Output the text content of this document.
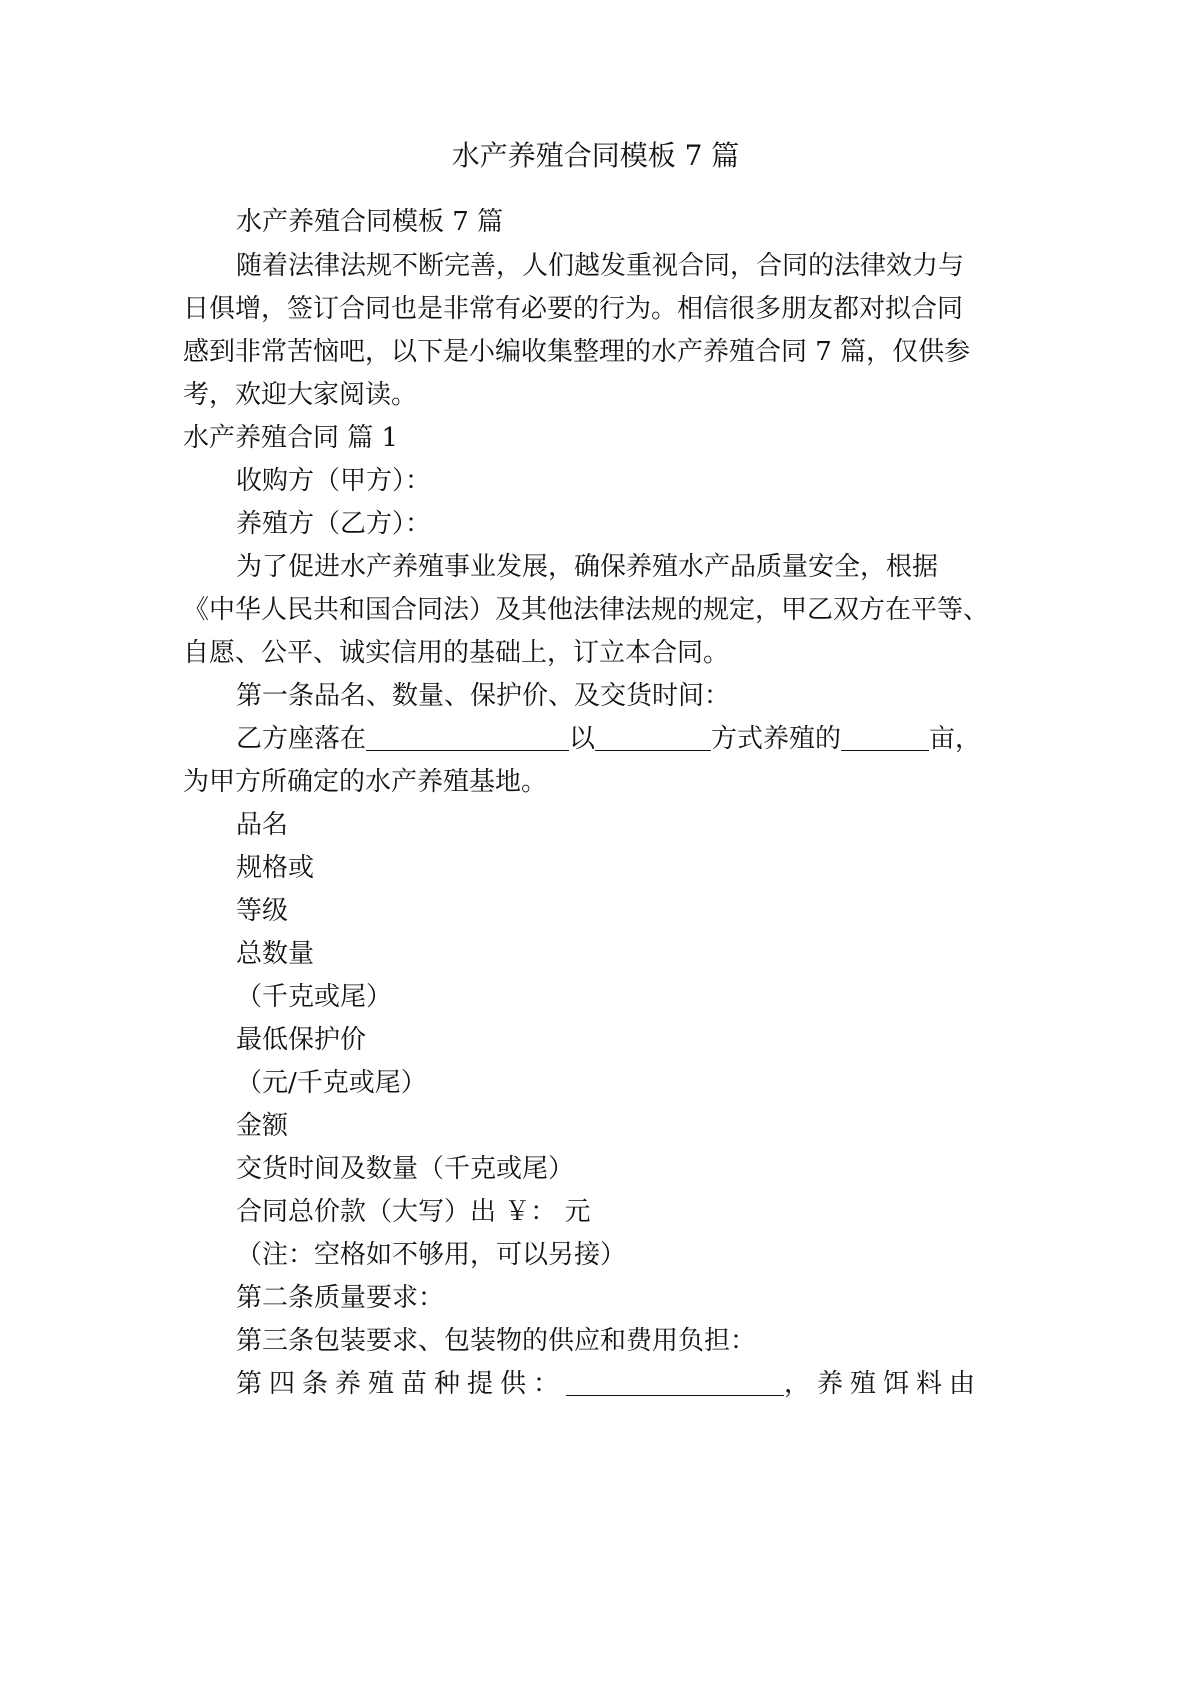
水产养殖合同模板 7 篇
水产养殖合同模板 7 篇
随着法律法规不断完善，人们越发重视合同，合同的法律效力与
日俱增，签订合同也是非常有必要的行为。相信很多朋友都对拟合同
感到非常苦恼吧，以下是小编收集整理的水产养殖合同 7 篇，仅供参
考，欢迎大家阅读。
水产养殖合同 篇 1
收购方（甲方）：
养殖方（乙方）：
为了促进水产养殖事业发展，确保养殖水产品质量安全，根据
《中华人民共和国合同法）及其他法律法规的规定，甲乙双方在平等、
自愿、公平、诚实信用的基础上，订立本合同。
第一条品名、数量、保护价、及交货时间：
乙方座落在	以	方式养殖的	亩，
为甲方所确定的水产养殖基地。
品名
规格或
等级
总数量
（千克或尾）
最低保护价
（元/千克或尾）
金额
交货时间及数量（千克或尾）
合同总价款（大写）出 ￥： 元
（注：空格如不够用，可以另接）
第二条质量要求：
第三条包装要求、包装物的供应和费用负担：
第四条养殖苗种提供：	，养殖饵料由
